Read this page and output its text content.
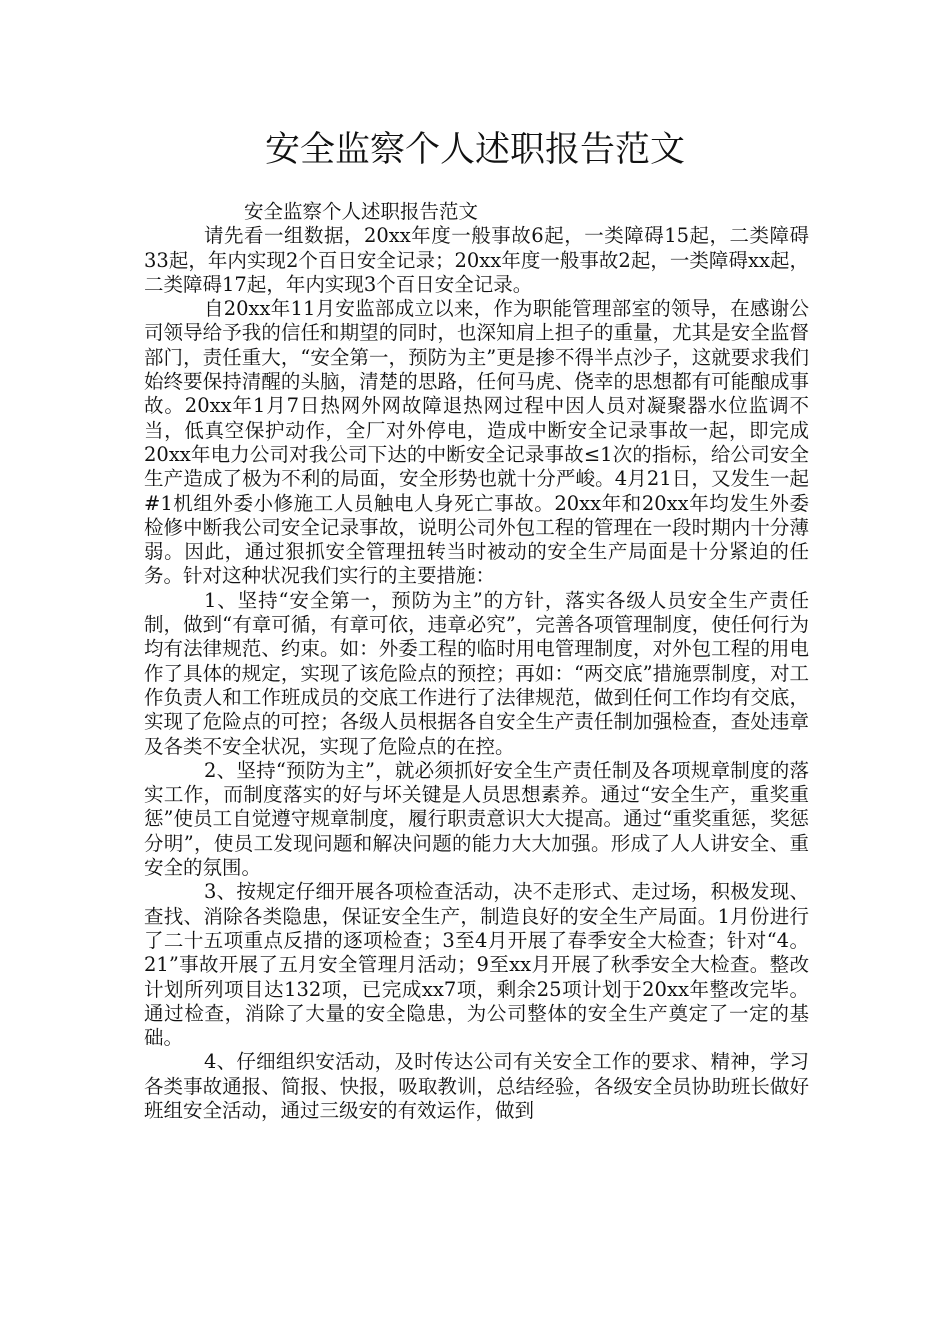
安全监察个人述职报告范文

安全监察个人述职报告范文

请先看一组数据，20xx年度一般事故6起，一类障碍15起，二类障碍33起，年内实现2个百日安全记录；20xx年度一般事故2起，一类障碍xx起，二类障碍17起，年内实现3个百日安全记录。

自20xx年11月安监部成立以来，作为职能管理部室的领导，在感谢公司领导给予我的信任和期望的同时，也深知肩上担子的重量，尤其是安全监督部门，责任重大，“安全第一，预防为主”更是掺不得半点沙子，这就要求我们始终要保持清醒的头脑，清楚的思路，任何马虎、侥幸的思想都有可能酿成事故。20xx年1月7日热网外网故障退热网过程中因人员对凝聚器水位监调不当，低真空保护动作，全厂对外停电，造成中断安全记录事故一起，即完成20xx年电力公司对我公司下达的中断安全记录事故≤1次的指标，给公司安全生产造成了极为不利的局面，安全形势也就十分严峻。4月21日，又发生一起#1机组外委小修施工人员触电人身死亡事故。20xx年和20xx年均发生外委检修中断我公司安全记录事故，说明公司外包工程的管理在一段时期内十分薄弱。因此，通过狠抓安全管理扭转当时被动的安全生产局面是十分紧迫的任务。针对这种状况我们实行的主要措施：

1、坚持“安全第一，预防为主”的方针，落实各级人员安全生产责任制，做到“有章可循，有章可依，违章必究”，完善各项管理制度，使任何行为均有法律规范、约束。如：外委工程的临时用电管理制度，对外包工程的用电作了具体的规定，实现了该危险点的预控；再如：“两交底”措施票制度，对工作负责人和工作班成员的交底工作进行了法律规范，做到任何工作均有交底，实现了危险点的可控；各级人员根据各自安全生产责任制加强检查，查处违章及各类不安全状况，实现了危险点的在控。

2、坚持“预防为主”，就必须抓好安全生产责任制及各项规章制度的落实工作，而制度落实的好与坏关键是人员思想素养。通过“安全生产，重奖重惩”使员工自觉遵守规章制度，履行职责意识大大提高。通过“重奖重惩，奖惩分明”，使员工发现问题和解决问题的能力大大加强。形成了人人讲安全、重安全的氛围。

3、按规定仔细开展各项检查活动，决不走形式、走过场，积极发现、查找、消除各类隐患，保证安全生产，制造良好的安全生产局面。1月份进行了二十五项重点反措的逐项检查；3至4月开展了春季安全大检查；针对“4。21”事故开展了五月安全管理月活动；9至xx月开展了秋季安全大检查。整改计划所列项目达132项，已完成xx7项，剩余25项计划于20xx年整改完毕。通过检查，消除了大量的安全隐患，为公司整体的安全生产奠定了一定的基础。

4、仔细组织安活动，及时传达公司有关安全工作的要求、精神，学习各类事故通报、简报、快报，吸取教训，总结经验，各级安全员协助班长做好班组安全活动，通过三级安的有效运作，做到
